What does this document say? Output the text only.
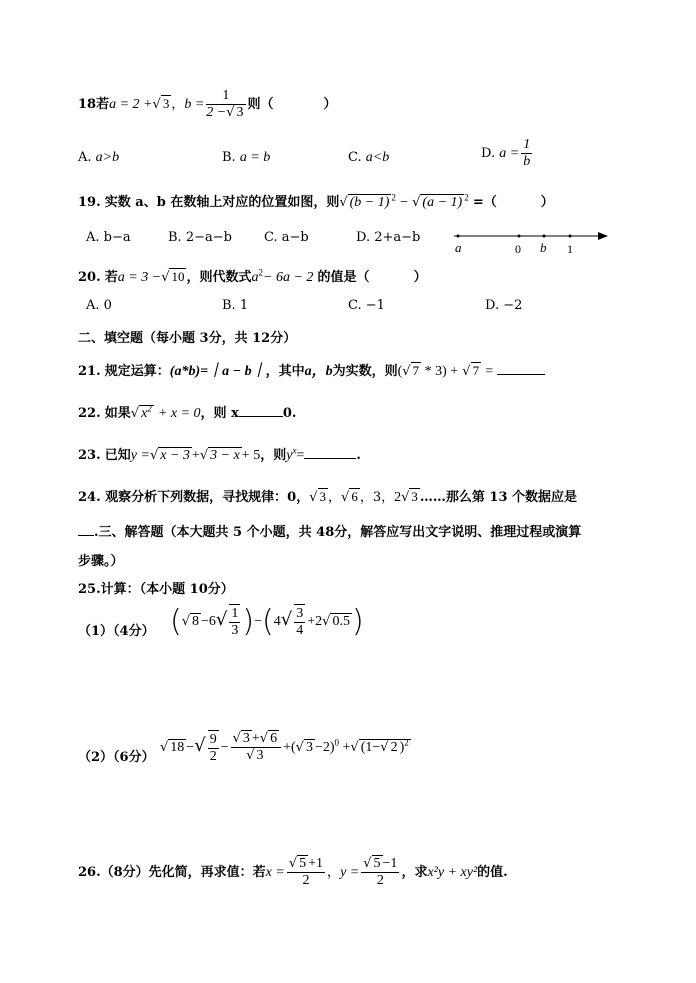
18若a = 2 +√ 3 ，$b = \frac{1}{2 -√ 3}$ 则（	）
A. a>b	B. a = b	C. a<b	D. $a = \frac{1}{b}$
19. 实数 a、b 在数轴上对应的位置如图，则√ (b − 1) $^2$ − √ (a − 1) $^2$ =（	）
A. b−a	B. 2−a−b C. a−b	D. 2+a−b
a	0 b 1
20. 若a = 3 −√ 10 ，则代数式$a^2- 6a - 2$ 的值是（	）
A. 0	B. 1	C. −1	D. −2
二、填空题（每小题 3分，共 12分）
21. 规定运算：(a*b)=｜a − b｜，其中a，b为实数，则(√ 7 * 3) + √ 7 =
22. 如果√ $x^2 + x = 0$，则 x	0.
23. 已知y =√ x − 3 +√ 3 − x + 5，则$y^x=$	.
24. 观察分析下列数据，寻找规律：0，√ 3 ，√ 6 ，3，2√ 3 ……那么第 13 个数据应是
.三、解答题（本大题共 5 个小题，共 48分，解答应写出文字说明、推理过程或演算
步骤。）
25.计算：（本小题 10分）
（1）（4分） (√ $8 -6√ \frac{1}{3} )-(4√ \frac{3}{4} +2√$ 0.5)
（2）（6分）
√ 18 −√ $\frac{9}{2} - \frac{√ 3 +√ 6}{√ 3}$ +(√ 3 −2)$^0$ +√ (1−√ 2 )$^2$
26.（8分）先化简，再求值：若$x = \frac{√ 5 +1}{2}$ ，$y = \frac{√ 5 -1}{2}$ ，求x²y + xy²的值.
